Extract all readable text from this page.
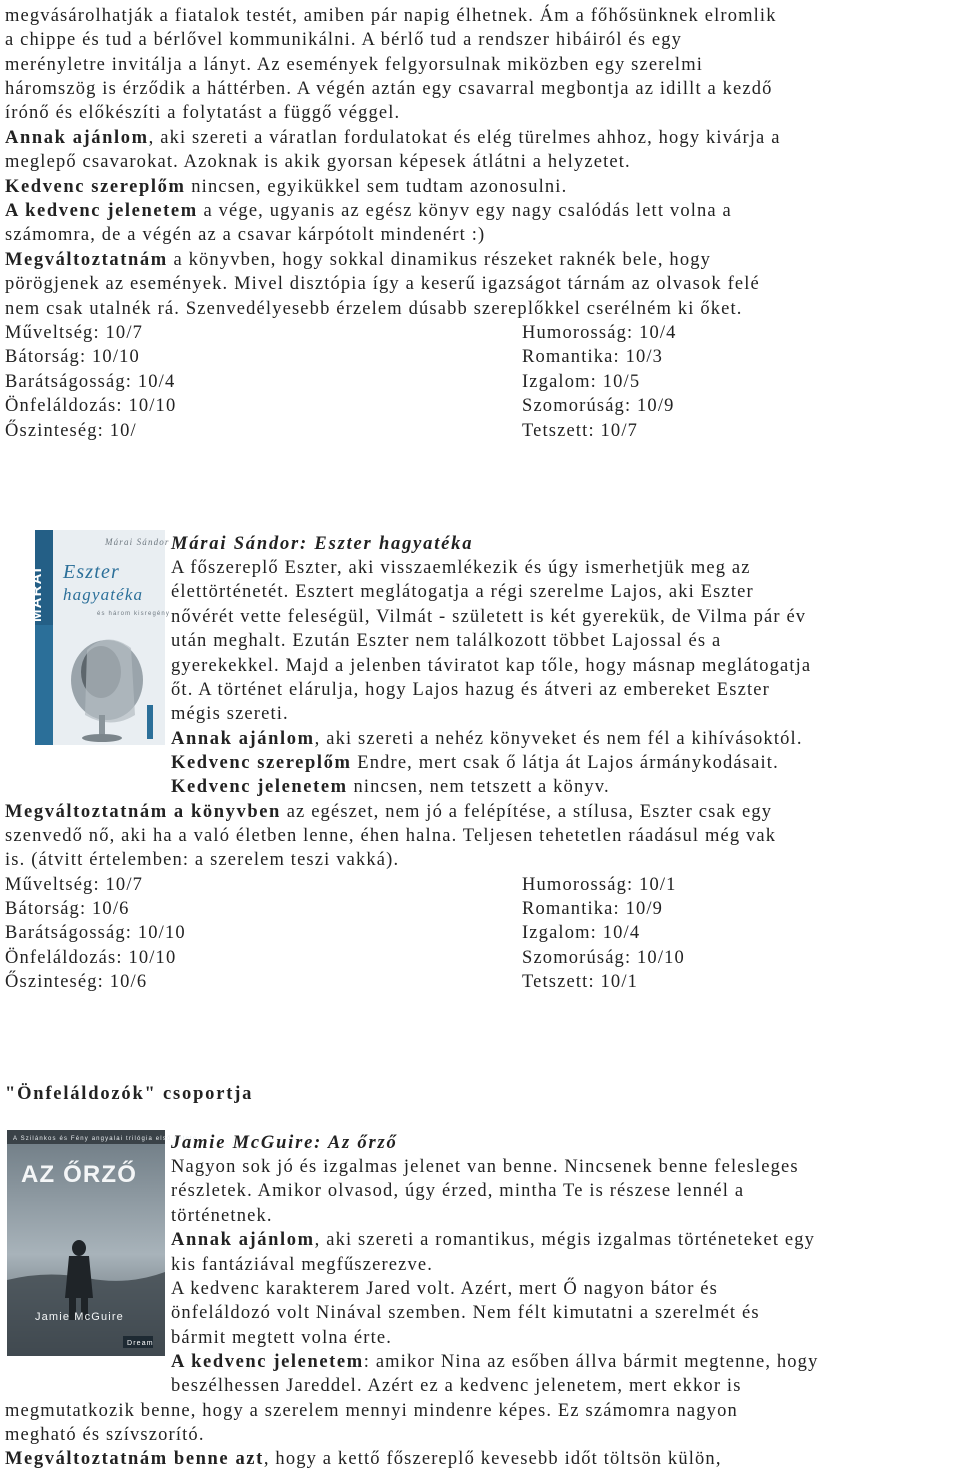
megvásárolhatják a fiatalok testét, amiben pár napig élhetnek. Ám a főhősünknek elromlik
a chippe és tud a bérlővel kommunikálni. A bérlő tud a rendszer hibáiról és egy
merényletre invitálja a lányt. Az események felgyorsulnak miközben egy szerelmi
háromszög is érződik a háttérben. A végén aztán egy csavarral megbontja az idillt a kezdő
írónő és előkészíti a folytatást a függő véggel.
Annak ajánlom, aki szereti a váratlan fordulatokat és elég türelmes ahhoz, hogy kivárja a
meglepő csavarokat. Azoknak is akik gyorsan képesek átlátni a helyzetet.
Kedvenc szereplőm nincsen, egyikükkel sem tudtam azonosulni.
A kedvenc jelenetem a vége, ugyanis az egész könyv egy nagy csalódás lett volna a
számomra, de a végén az a csavar kárpótolt mindenért :)
Megváltoztatnám a könyvben, hogy sokkal dinamikus részeket raknék bele, hogy
pörögjenek az események. Mivel disztópia így a keserű igazságot tárnám az olvasok felé
nem csak utalnék rá. Szenvedélyesebb érzelem dúsabb szereplőkkel cserélném ki őket.
Műveltség: 10/7	Humorosság: 10/4
Bátorság: 10/10	Romantika: 10/3
Barátságosság: 10/4	Izgalom: 10/5
Önfeláldozás: 10/10	Szomorúság: 10/9
Őszinteség: 10/	Tetszett: 10/7
MÁRAI
Márai Sándor
Eszter
hagyatéka
és három kisregény
Márai Sándor: Eszter hagyatéka
A főszereplő Eszter, aki visszaemlékezik és úgy ismerhetjük meg az
élettörténetét. Esztert meglátogatja a régi szerelme Lajos, aki Eszter
nővérét vette feleségül, Vilmát - született is két gyerekük, de Vilma pár év
után meghalt. Ezután Eszter nem találkozott többet Lajossal és a
gyerekekkel. Majd a jelenben táviratot kap tőle, hogy másnap meglátogatja
őt. A történet elárulja, hogy Lajos hazug és átveri az embereket Eszter
mégis szereti.
Annak ajánlom, aki szereti a nehéz könyveket és nem fél a kihívásoktól.
Kedvenc szereplőm Endre, mert csak ő látja át Lajos ármánykodásait.
Kedvenc jelenetem nincsen, nem tetszett a könyv.
Megváltoztatnám a könyvben az egészet, nem jó a felépítése, a stílusa, Eszter csak egy
szenvedő nő, aki ha a való életben lenne, éhen halna. Teljesen tehetetlen ráadásul még vak
is. (átvitt értelemben: a szerelem teszi vakká).
Műveltség: 10/7	Humorosság: 10/1
Bátorság: 10/6	Romantika: 10/9
Barátságosság: 10/10	Izgalom: 10/4
Önfeláldozás: 10/10	Szomorúság: 10/10
Őszinteség: 10/6	Tetszett: 10/1
"Önfeláldozók" csoportja
A Szilánkos és Fény angyalai trilógia első kötete
AZ ŐRZŐ
Jamie McGuire
Dream
Jamie McGuire: Az őrző
Nagyon sok jó és izgalmas jelenet van benne. Nincsenek benne felesleges
részletek. Amikor olvasod, úgy érzed, mintha Te is részese lennél a
történetnek.
Annak ajánlom, aki szereti a romantikus, mégis izgalmas történeteket egy
kis fantáziával megfűszerezve.
A kedvenc karakterem Jared volt. Azért, mert Ő nagyon bátor és
önfeláldozó volt Ninával szemben. Nem félt kimutatni a szerelmét és
bármit megtett volna érte.
A kedvenc jelenetem: amikor Nina az esőben állva bármit megtenne, hogy
beszélhessen Jareddel. Azért ez a kedvenc jelenetem, mert ekkor is
megmutatkozik benne, hogy a szerelem mennyi mindenre képes. Ez számomra nagyon
megható és szívszorító.
Megváltoztatnám benne azt, hogy a kettő főszereplő kevesebb időt töltsön külön,
